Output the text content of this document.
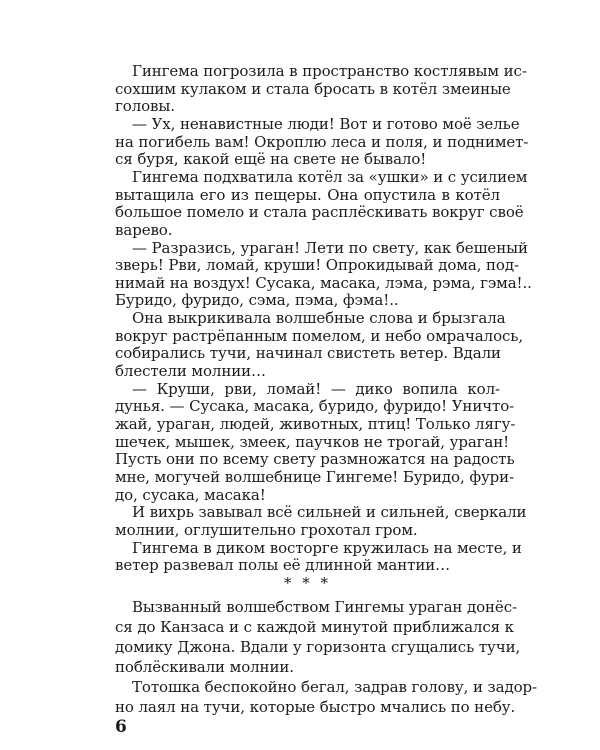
Гингема погрозила в пространство костлявым ис-
сохшим кулаком и стала бросать в котёл змеиные
головы.
— Ух, ненавистные люди! Вот и готово моё зелье
на погибель вам! Окроплю леса и поля, и поднимет-
ся буря, какой ещё на свете не бывало!
Гингема подхватила котёл за «ушки» и с усилием
вытащила его из пещеры. Она опустила в котёл
большое помело и стала расплёскивать вокруг своё
варево.
— Разразись, ураган! Лети по свету, как бешеный
зверь! Рви, ломай, круши! Опрокидывай дома, под-
нимай на воздух! Сусака, масака, лэма, рэма, гэма!..
Буридо, фуридо, сэма, пэма, фэма!..
Она выкрикивала волшебные слова и брызгала
вокруг растрёпанным помелом, и небо омрачалось,
собирались тучи, начинал свистеть ветер. Вдали
блестели молнии…
— Круши, рви, ломай! — дико вопила кол-
дунья. — Сусака, масака, буридо, фуридо! Уничто-
жай, ураган, людей, животных, птиц! Только лягу-
шечек, мышек, змеек, паучков не трогай, ураган!
Пусть они по всему свету размножатся на радость
мне, могучей волшебнице Гингеме! Буридо, фури-
до, сусака, масака!
* * *
6
И вихрь завывал всё сильней и сильней, сверкали
молнии, оглушительно грохотал гром.
Гингема в диком восторге кружилась на месте, и
ветер развевал полы её длинной мантии…
Вызванный волшебством Гингемы ураган донёс-
ся до Канзаса и с каждой минутой приближался к
домику Джона. Вдали у горизонта сгущались тучи,
поблёскивали молнии.
Тотошка беспокойно бегал, задрав голову, и задор-
но лаял на тучи, которые быстро мчались по небу.
